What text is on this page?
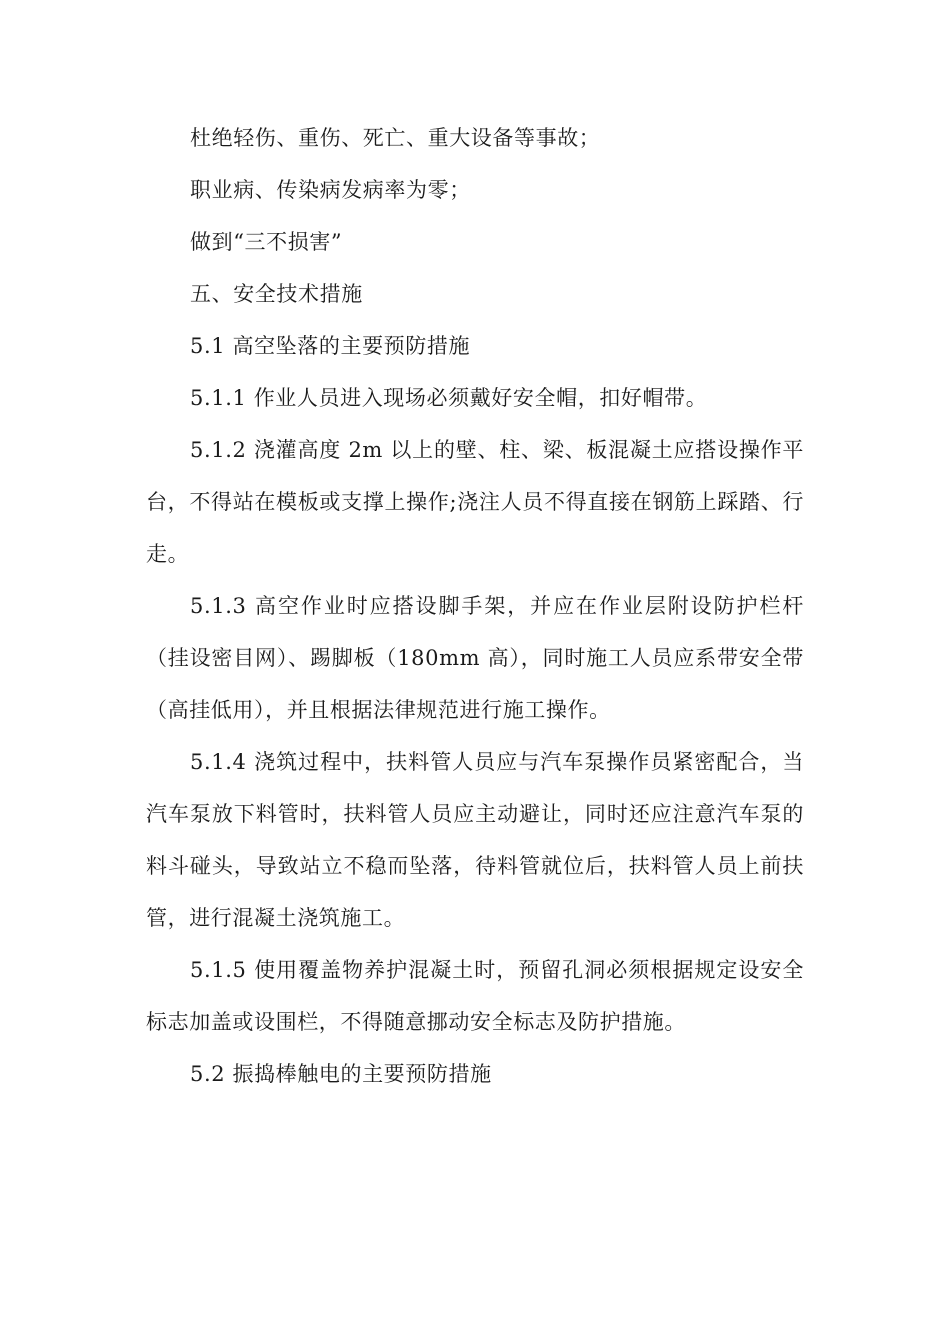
杜绝轻伤、重伤、死亡、重大设备等事故；

职业病、传染病发病率为零；

做到“三不损害”

五、安全技术措施

5.1 高空坠落的主要预防措施

5.1.1 作业人员进入现场必须戴好安全帽，扣好帽带。

5.1.2 浇灌高度 2m 以上的壁、柱、梁、板混凝土应搭设操作平台，不得站在模板或支撑上操作;浇注人员不得直接在钢筋上踩踏、行走。

5.1.3 高空作业时应搭设脚手架，并应在作业层附设防护栏杆（挂设密目网）、踢脚板（180mm 高），同时施工人员应系带安全带（高挂低用），并且根据法律规范进行施工操作。

5.1.4 浇筑过程中，扶料管人员应与汽车泵操作员紧密配合，当汽车泵放下料管时，扶料管人员应主动避让，同时还应注意汽车泵的料斗碰头，导致站立不稳而坠落，待料管就位后，扶料管人员上前扶管，进行混凝土浇筑施工。

5.1.5 使用覆盖物养护混凝土时，预留孔洞必须根据规定设安全标志加盖或设围栏，不得随意挪动安全标志及防护措施。

5.2 振捣棒触电的主要预防措施
